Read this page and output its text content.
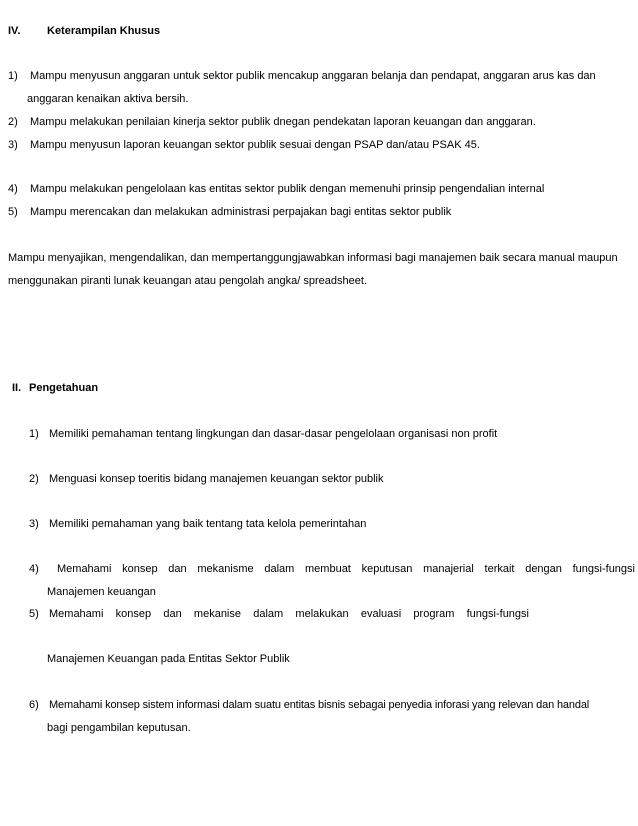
IV. Keterampilan Khusus
1) Mampu menyusun anggaran untuk sektor publik mencakup anggaran belanja dan pendapat, anggaran arus kas dan
anggaran kenaikan aktiva bersih.
2) Mampu melakukan penilaian kinerja sektor publik dnegan pendekatan laporan keuangan dan anggaran.
3) Mampu menyusun laporan keuangan sektor publik sesuai dengan PSAP dan/atau PSAK 45.
4) Mampu melakukan pengelolaan kas entitas sektor publik dengan memenuhi prinsip pengendalian internal
5) Mampu merencakan dan melakukan administrasi perpajakan bagi entitas sektor publik
Mampu menyajikan, mengendalikan, dan mempertanggungjawabkan informasi bagi manajemen baik secara manual maupun
menggunakan piranti lunak keuangan atau pengolah angka/ spreadsheet.
II. Pengetahuan
1) Memiliki pemahaman tentang lingkungan dan dasar-dasar pengelolaan organisasi non profit
2) Menguasi konsep toeritis bidang manajemen keuangan sektor publik
3) Memiliki pemahaman yang baik tentang tata kelola pemerintahan
4) Memahami konsep dan mekanisme dalam membuat keputusan manajerial terkait dengan fungsi-fungsi
Manajemen keuangan
5) Memahami konsep dan mekanise dalam melakukan evaluasi program fungsi-fungsi
Manajemen Keuangan pada Entitas Sektor Publik
6) Memahami konsep sistem informasi dalam suatu entitas bisnis sebagai penyedia inforasi yang relevan dan handal
bagi pengambilan keputusan.
